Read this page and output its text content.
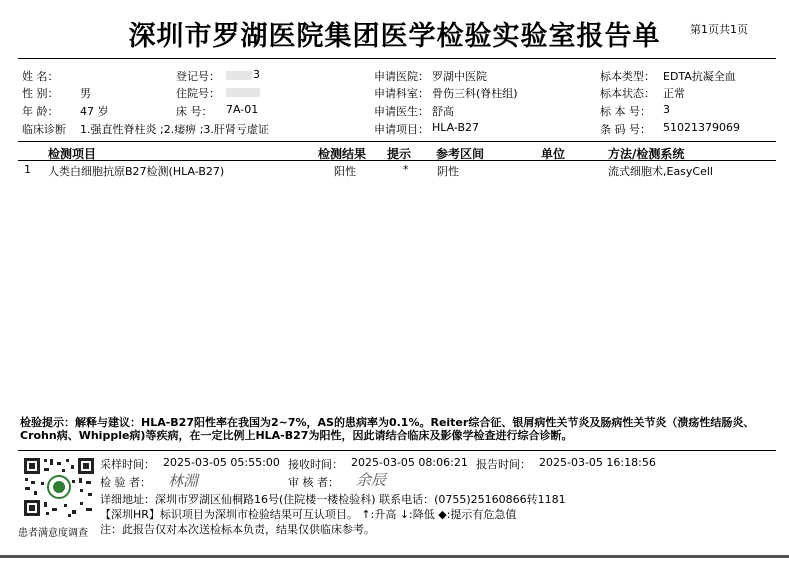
深圳市罗湖医院集团医学检验实验室报告单	第1页共1页
姓 名：
性 别： 男
年 龄： 47 岁
临床诊断 1.强直性脊柱炎 ;2.痿痹 ;3.肝肾亏虚证
登记号：	3
住院号：
床 号： 7A-01
申请医院： 罗湖中医院
申请科室： 骨伤三科(脊柱组)
申请医生： 舒高
申请项目： HLA-B27
标本类型： EDTA抗凝全血
标本状态： 正常
标 本 号： 3
条 码 号： 51021379069
检测项目	检测结果 提示 参考区间	单位	方法/检测系统
1 人类白细胞抗原B27检测(HLA-B27)	阳性	*	阴性	流式细胞术,EasyCell
检验提示：解释与建议：HLA-B27阳性率在我国为2~7%，AS的患病率为0.1%。Reiter综合征、银屑病性关节炎及肠病性关节炎（溃疡性结肠炎、 Crohn病、Whipple病)等疾病，在一定比例上HLA-B27为阳性，因此请结合临床及影像学检查进行综合诊断。
采样时间： 2025-03-05 05:55:00 接收时间： 2025-03-05 08:06:21 报告时间： 2025-03-05 16:18:56
检 验 者： 林淵	审 核 者： 余辰
详细地址：深圳市罗湖区仙桐路16号(住院楼一楼检验科) 联系电话：(0755)25160866转1181
【深圳HR】标识项目为深圳市检验结果可互认项目。 ↑:升高 ↓:降低 ◆:提示有危急值
注：此报告仅对本次送检标本负责，结果仅供临床参考。
患者满意度调查
